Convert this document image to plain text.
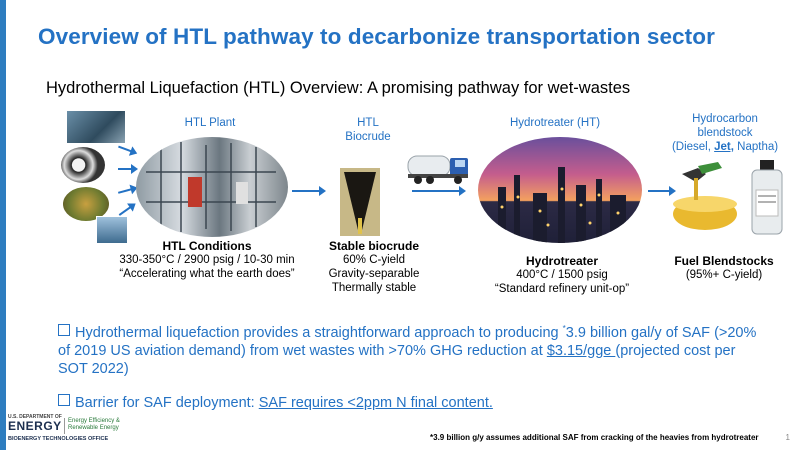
Overview of HTL pathway to decarbonize transportation sector
Hydrothermal Liquefaction (HTL) Overview: A promising pathway for wet-wastes
HTL Plant	HTL
Biocrude
Hydrotreater (HT)	Hydrocarbon
blendstock
(Diesel, Jet, Naptha)
HTL Conditions
330-350°C / 2900 psig / 10-30 min
“Accelerating what the earth does”
Stable biocrude
60% C-yield
Gravity-separable
Thermally stable
Hydrotreater
400°C / 1500 psig
“Standard refinery unit-op”
Fuel Blendstocks
(95%+ C-yield)
Hydrothermal liquefaction provides a straightforward approach to producing *3.9 billion gal/y of SAF (>20% of 2019 US aviation demand) from wet wastes with >70% GHG reduction at $3.15/gge (projected cost per SOT 2022)
Barrier for SAF deployment: SAF requires <2ppm N final content.
U.S. DEPARTMENT OF
ENERGY Energy Efficiency &
Renewable Energy
BIOENERGY TECHNOLOGIES OFFICE	*3.9 billion g/y assumes additional SAF from cracking of the heavies from hydrotreater	1
